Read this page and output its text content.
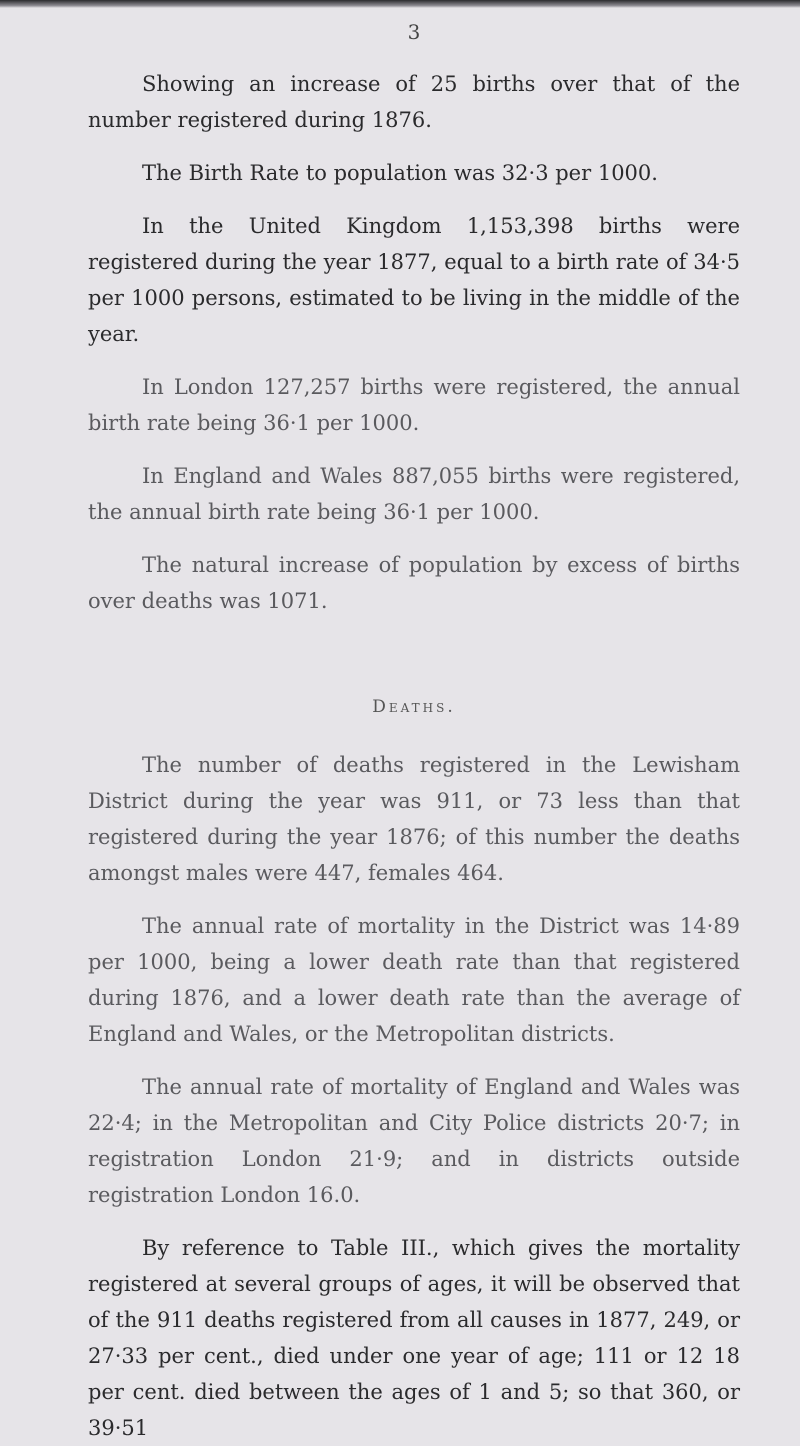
3

Showing an increase of 25 births over that of the number registered during 1876.

The Birth Rate to population was 32·3 per 1000.

In the United Kingdom 1,153,398 births were registered during the year 1877, equal to a birth rate of 34·5 per 1000 persons, estimated to be living in the middle of the year.

In London 127,257 births were registered, the annual birth rate being 36·1 per 1000.

In England and Wales 887,055 births were registered, the annual birth rate being 36·1 per 1000.

The natural increase of population by excess of births over deaths was 1071.

Deaths.

The number of deaths registered in the Lewisham District during the year was 911, or 73 less than that registered during the year 1876; of this number the deaths amongst males were 447, females 464.

The annual rate of mortality in the District was 14·89 per 1000, being a lower death rate than that registered during 1876, and a lower death rate than the average of England and Wales, or the Metropolitan districts.

The annual rate of mortality of England and Wales was 22·4; in the Metropolitan and City Police districts 20·7; in registration London 21·9; and in districts outside registration London 16.0.

By reference to Table III., which gives the mortality registered at several groups of ages, it will be observed that of the 911 deaths registered from all causes in 1877, 249, or 27·33 per cent., died under one year of age; 111 or 12 18 per cent. died between the ages of 1 and 5; so that 360, or 39·51
